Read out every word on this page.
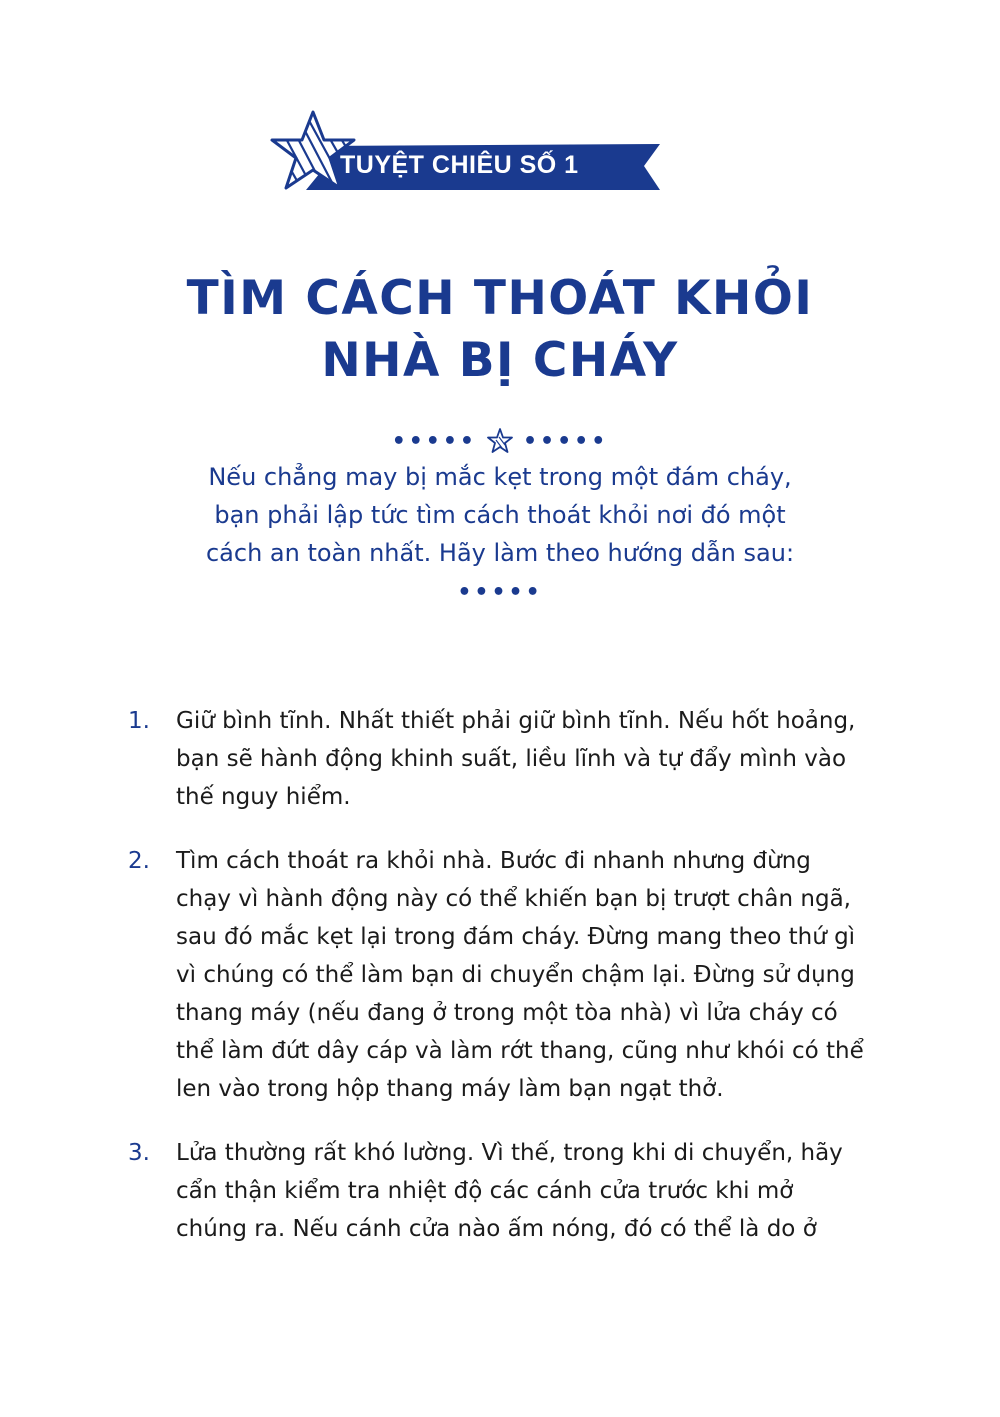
TUYỆT CHIÊU SỐ 1
TÌM CÁCH THOÁT KHỎI
NHÀ BỊ CHÁY
••••• •••••
Nếu chẳng may bị mắc kẹt trong một đám cháy,
bạn phải lập tức tìm cách thoát khỏi nơi đó một
cách an toàn nhất. Hãy làm theo hướng dẫn sau:
•••••
1.	Giữ bình tĩnh. Nhất thiết phải giữ bình tĩnh. Nếu hốt hoảng,
bạn sẽ hành động khinh suất, liều lĩnh và tự đẩy mình vào
thế nguy hiểm.
2.	Tìm cách thoát ra khỏi nhà. Bước đi nhanh nhưng đừng
chạy vì hành động này có thể khiến bạn bị trượt chân ngã,
sau đó mắc kẹt lại trong đám cháy. Đừng mang theo thứ gì
vì chúng có thể làm bạn di chuyển chậm lại. Đừng sử dụng
thang máy (nếu đang ở trong một tòa nhà) vì lửa cháy có
thể làm đứt dây cáp và làm rớt thang, cũng như khói có thể
len vào trong hộp thang máy làm bạn ngạt thở.
3.	Lửa thường rất khó lường. Vì thế, trong khi di chuyển, hãy
cẩn thận kiểm tra nhiệt độ các cánh cửa trước khi mở
chúng ra. Nếu cánh cửa nào ấm nóng, đó có thể là do ở
